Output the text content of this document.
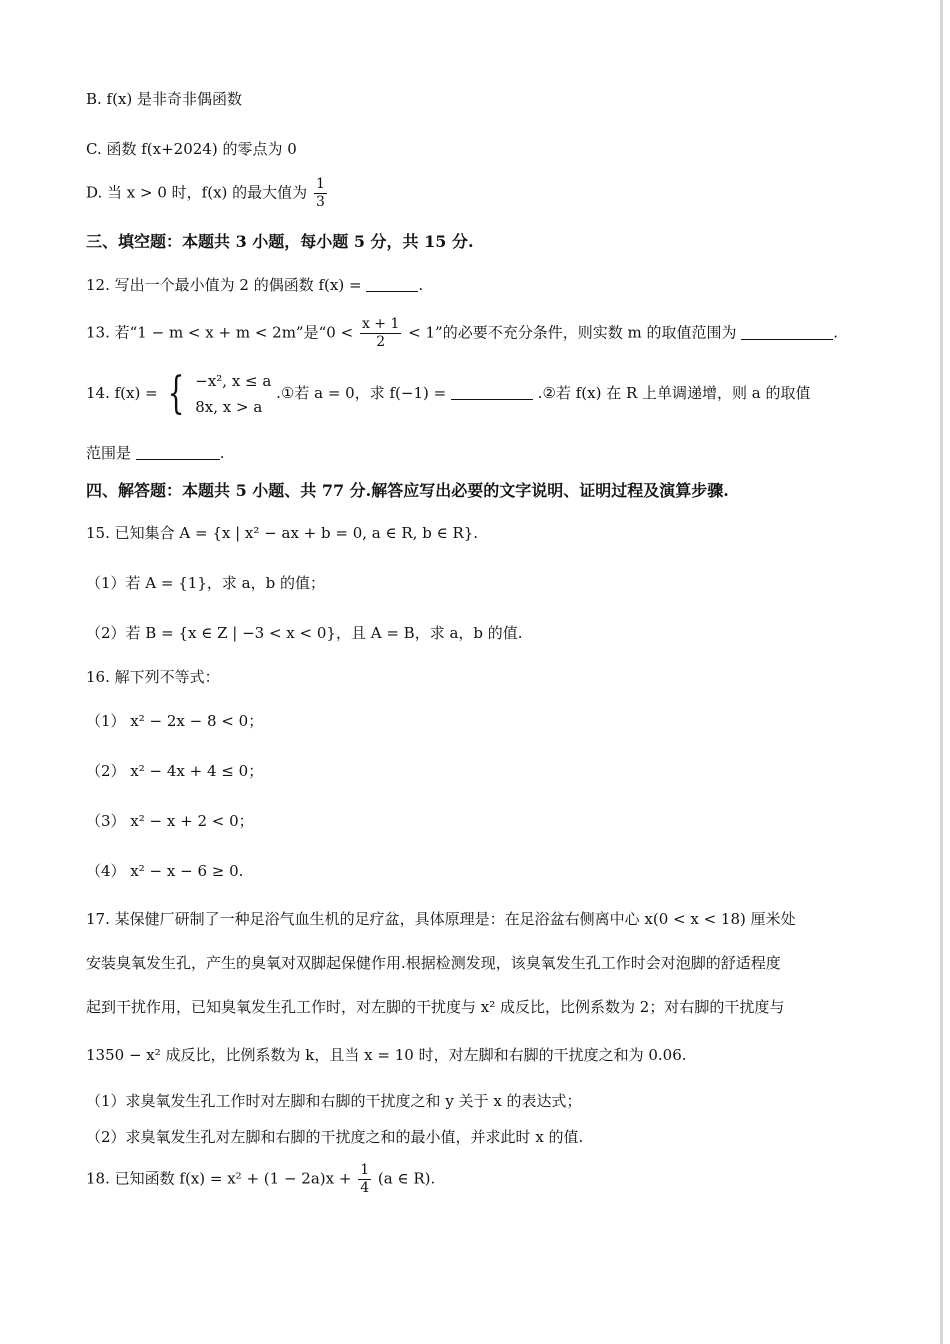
B. f(x) 是非奇非偶函数
C. 函数 f(x+2024) 的零点为 0
D. 当 x > 0 时，f(x) 的最大值为 $\frac{1}{3}$
三、填空题：本题共 3 小题，每小题 5 分，共 15 分.
12. 写出一个最小值为 2 的偶函数 f(x) =	.
13. 若“1 − m < x + m < 2m”是“$0 < \frac{x + 1}{2} < 1$”的必要不充分条件，则实数 m 的取值范围为	.
14. f(x) = { −x², x ≤ a
8x, x > a
.①若 a = 0，求 f(−1) =	.②若 f(x) 在 R 上单调递增，则 a 的取值
范围是	.
四、解答题：本题共 5 小题、共 77 分.解答应写出必要的文字说明、证明过程及演算步骤.
15. 已知集合 A = {x | x² − ax + b = 0, a ∈ R, b ∈ R}.
（1）若 A = {1}，求 a，b 的值；
（2）若 B = {x ∈ Z | −3 < x < 0}，且 A = B，求 a，b 的值.
16. 解下列不等式：
（1） x² − 2x − 8 < 0；
（2） x² − 4x + 4 ≤ 0；
（3） x² − x + 2 < 0；
（4） x² − x − 6 ≥ 0.
17. 某保健厂研制了一种足浴气血生机的足疗盆，具体原理是：在足浴盆右侧离中心 x(0 < x < 18) 厘米处
安装臭氧发生孔，产生的臭氧对双脚起保健作用.根据检测发现，该臭氧发生孔工作时会对泡脚的舒适程度
起到干扰作用，已知臭氧发生孔工作时，对左脚的干扰度与 x² 成反比，比例系数为 2；对右脚的干扰度与
1350 − x² 成反比，比例系数为 k，且当 x = 10 时，对左脚和右脚的干扰度之和为 0.06.
（1）求臭氧发生孔工作时对左脚和右脚的干扰度之和 y 关于 x 的表达式；
（2）求臭氧发生孔对左脚和右脚的干扰度之和的最小值，并求此时 x 的值.
18. 已知函数 $f(x) = x^2 + (1 - 2a)x + \frac{1}{4} (a$ ∈ R).
